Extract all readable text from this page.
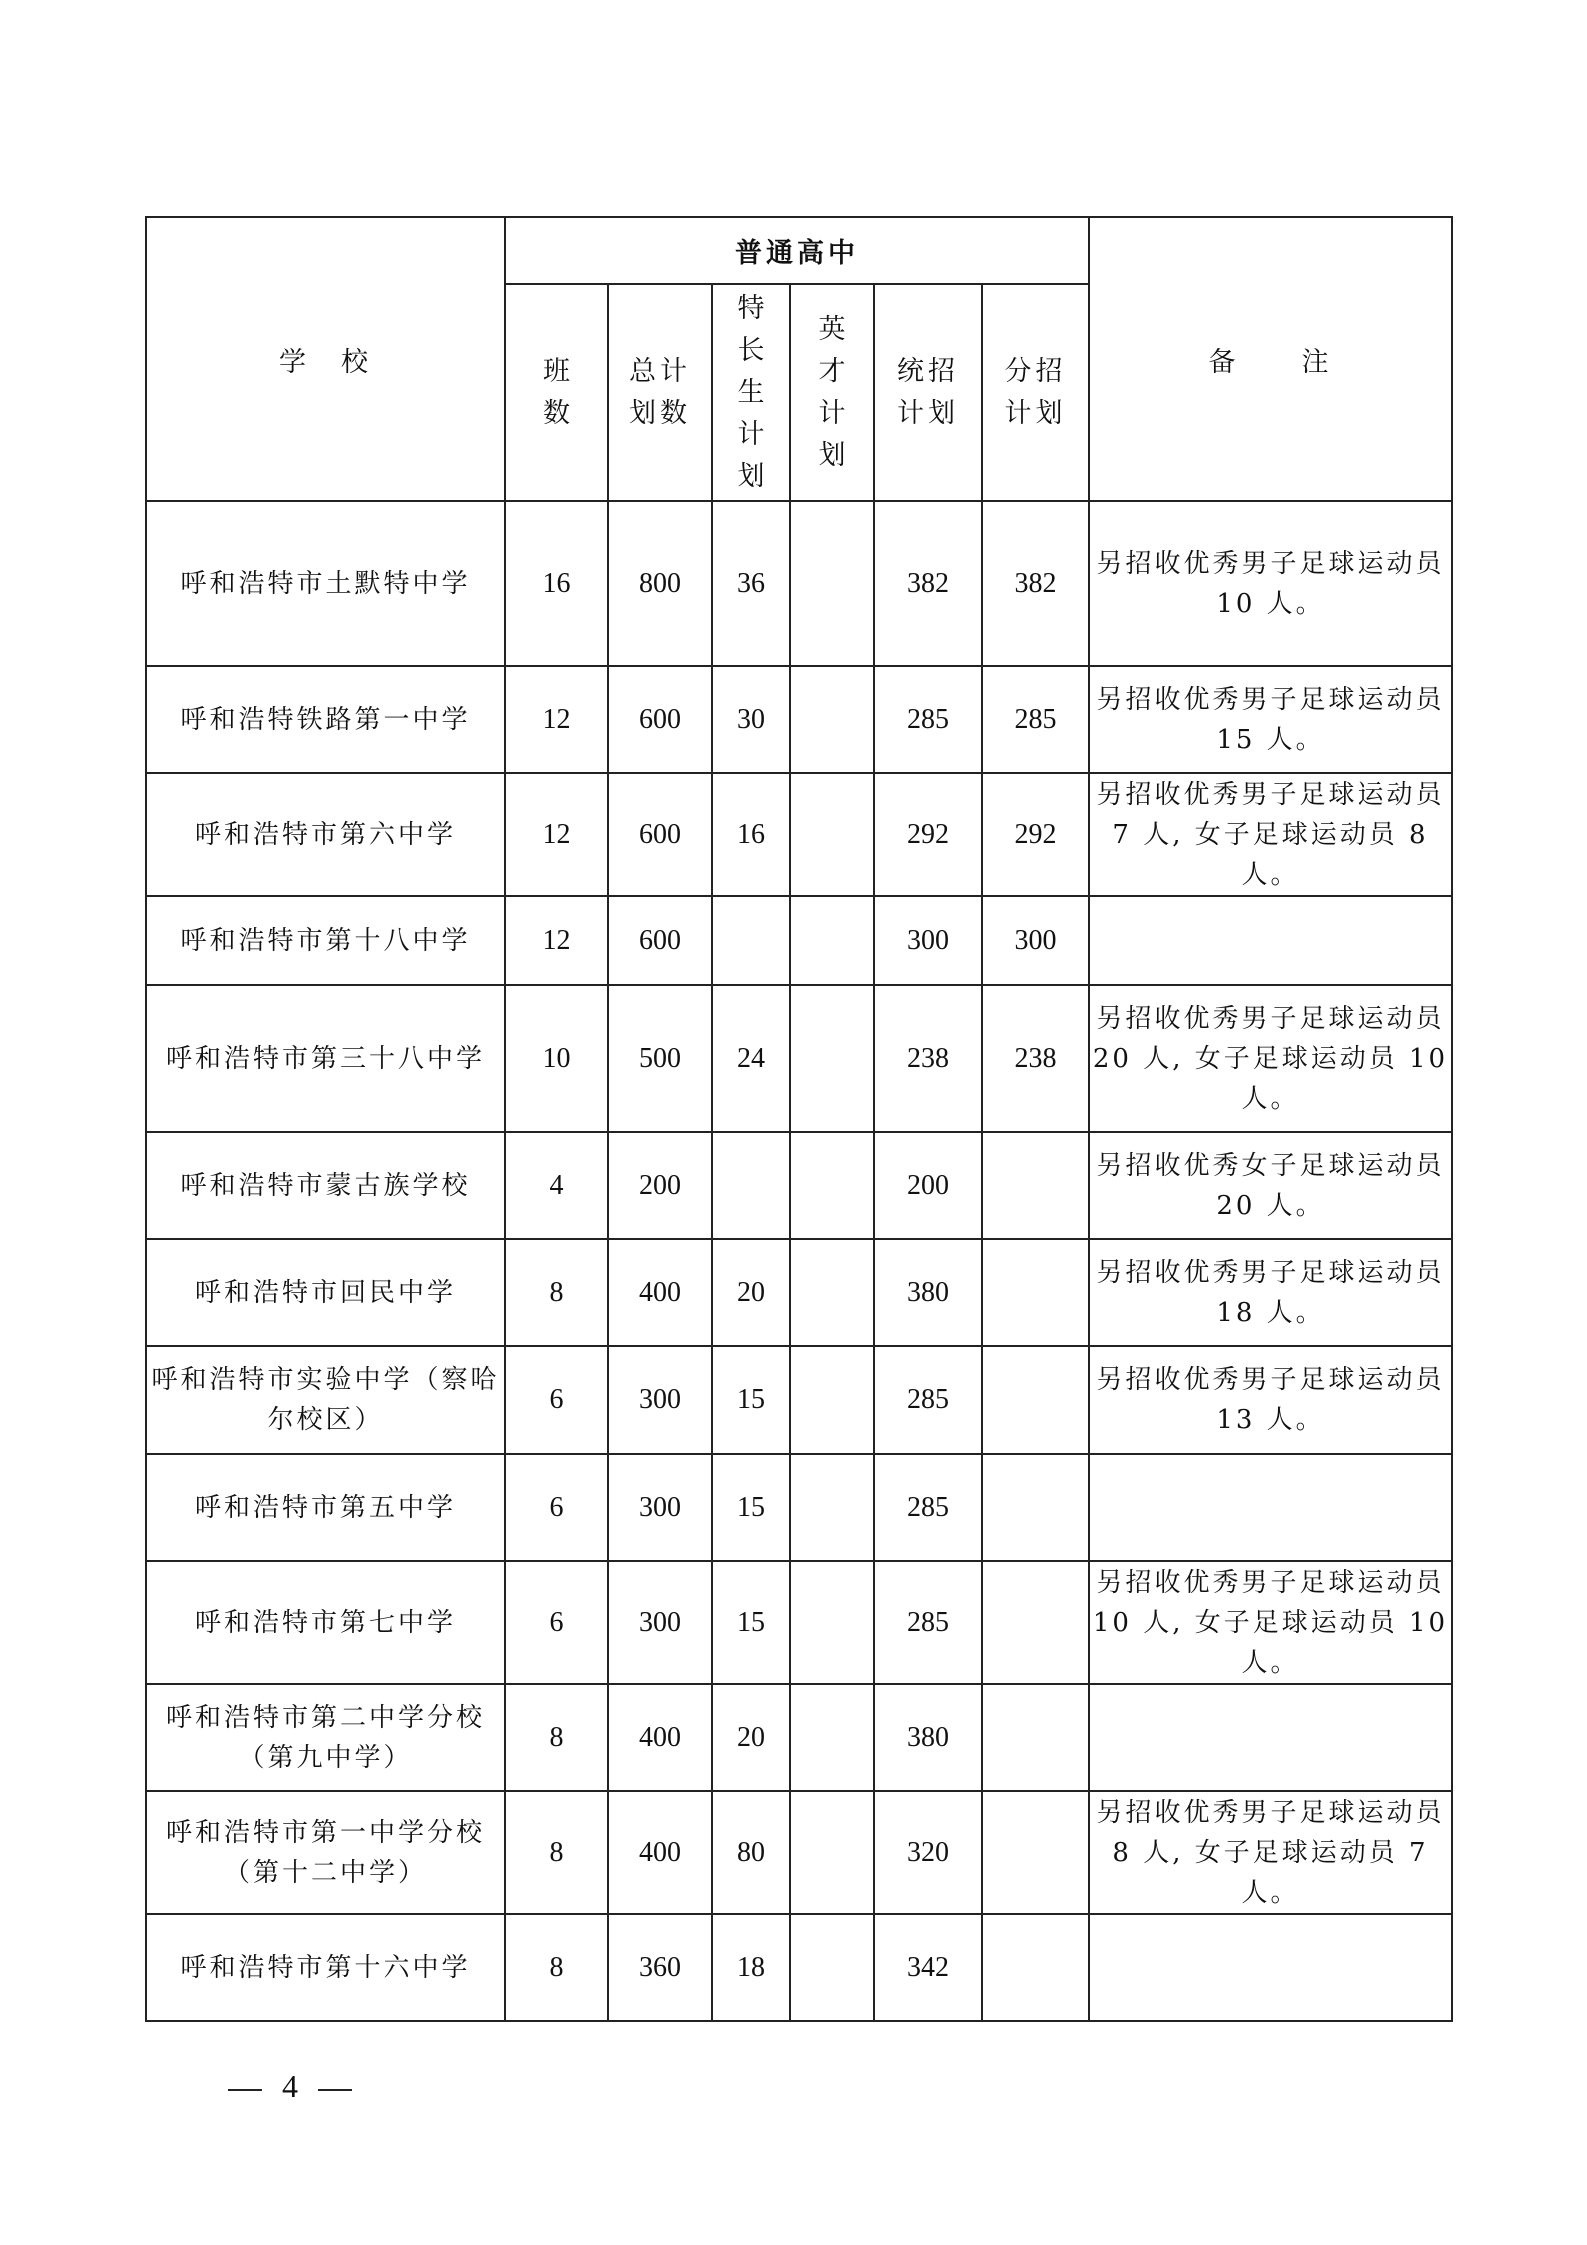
学　校	普通高中						备　　注
	班数	总计划数	特长生计划	英才计划	统招计划	分招计划	
呼和浩特市土默特中学	16	800	36		382	382	另招收优秀男子足球运动员 10 人。
呼和浩特铁路第一中学	12	600	30		285	285	另招收优秀男子足球运动员 15 人。
呼和浩特市第六中学	12	600	16		292	292	另招收优秀男子足球运动员 7 人, 女子足球运动员 8 人。
呼和浩特市第十八中学	12	600			300	300	
呼和浩特市第三十八中学	10	500	24		238	238	另招收优秀男子足球运动员 20 人, 女子足球运动员 10 人。
呼和浩特市蒙古族学校	4	200			200		另招收优秀女子足球运动员 20 人。
呼和浩特市回民中学	8	400	20		380		另招收优秀男子足球运动员 18 人。
呼和浩特市实验中学（察哈尔校区）	6	300	15		285		另招收优秀男子足球运动员 13 人。
呼和浩特市第五中学	6	300	15		285		
呼和浩特市第七中学	6	300	15		285		另招收优秀男子足球运动员 10 人, 女子足球运动员 10 人。
呼和浩特市第二中学分校（第九中学）	8	400	20		380		
呼和浩特市第一中学分校（第十二中学）	8	400	80		320		另招收优秀男子足球运动员 8 人, 女子足球运动员 7 人。
呼和浩特市第十六中学	8	360	18		342		
4
